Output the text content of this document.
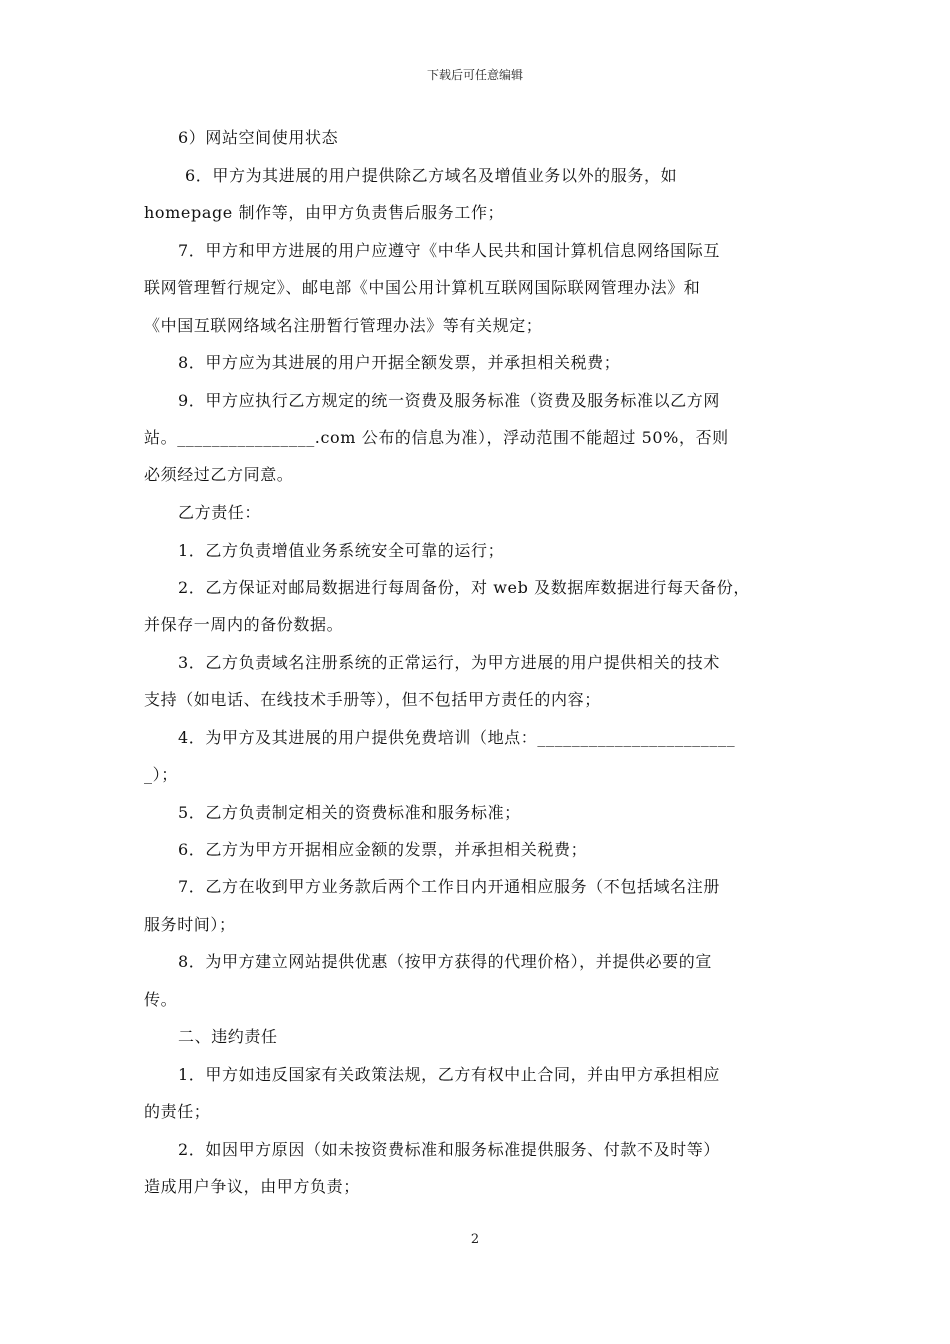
下载后可任意编辑
6）网站空间使用状态
6．甲方为其进展的用户提供除乙方域名及增值业务以外的服务，如
homepage 制作等，由甲方负责售后服务工作；
7．甲方和甲方进展的用户应遵守《中华人民共和国计算机信息网络国际互
联网管理暂行规定》、邮电部《中国公用计算机互联网国际联网管理办法》和
《中国互联网络域名注册暂行管理办法》等有关规定；
8．甲方应为其进展的用户开据全额发票，并承担相关税费；
9．甲方应执行乙方规定的统一资费及服务标准（资费及服务标准以乙方网
站。________________.com 公布的信息为准），浮动范围不能超过 50%，否则
必须经过乙方同意。
乙方责任：
1．乙方负责增值业务系统安全可靠的运行；
2．乙方保证对邮局数据进行每周备份，对 web 及数据库数据进行每天备份，
并保存一周内的备份数据。
3．乙方负责域名注册系统的正常运行，为甲方进展的用户提供相关的技术
支持（如电话、在线技术手册等），但不包括甲方责任的内容；
4．为甲方及其进展的用户提供免费培训（地点：_______________________
_）；
5．乙方负责制定相关的资费标准和服务标准；
6．乙方为甲方开据相应金额的发票，并承担相关税费；
7．乙方在收到甲方业务款后两个工作日内开通相应服务（不包括域名注册
服务时间）；
8．为甲方建立网站提供优惠（按甲方获得的代理价格），并提供必要的宣
传。
二、违约责任
1．甲方如违反国家有关政策法规，乙方有权中止合同，并由甲方承担相应
的责任；
2．如因甲方原因（如未按资费标准和服务标准提供服务、付款不及时等）
造成用户争议，由甲方负责；
2
